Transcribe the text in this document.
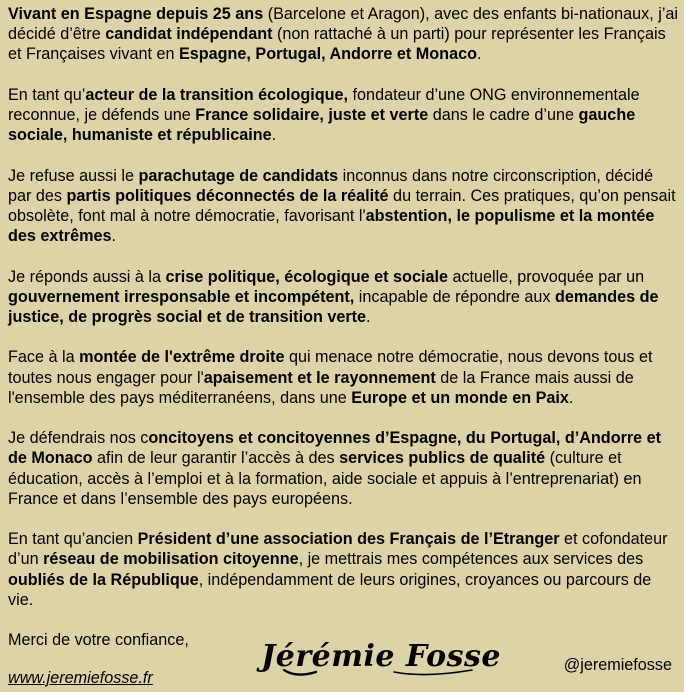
Vivant en Espagne depuis 25 ans (Barcelone et Aragon), avec des enfants bi-nationaux, j’ai décidé d’être candidat indépendant (non rattaché à un parti) pour représenter les Français et Françaises vivant en Espagne, Portugal, Andorre et Monaco.

En tant qu’acteur de la transition écologique, fondateur d’une ONG environnementale reconnue, je défends une France solidaire, juste et verte dans le cadre d’une gauche sociale, humaniste et républicaine.

Je refuse aussi le parachutage de candidats inconnus dans notre circonscription, décidé par des partis politiques déconnectés de la réalité du terrain. Ces pratiques, qu’on pensait obsolète, font mal à notre démocratie, favorisant l'abstention, le populisme et la montée des extrêmes.

Je réponds aussi à la crise politique, écologique et sociale actuelle, provoquée par un gouvernement irresponsable et incompétent, incapable de répondre aux demandes de justice, de progrès social et de transition verte.

Face à la montée de l'extrême droite qui menace notre démocratie, nous devons tous et toutes nous engager pour l'apaisement et le rayonnement de la France mais aussi de l'ensemble des pays méditerranéens, dans une Europe et un monde en Paix.

Je défendrais nos concitoyens et concitoyennes d’Espagne, du Portugal, d’Andorre et de Monaco afin de leur garantir l’accès à des services publics de qualité (culture et éducation, accès à l’emploi et à la formation, aide sociale et appuis à l’entreprenariat) en France et dans l’ensemble des pays européens.

En tant qu’ancien Président d’une association des Français de l’Etranger et cofondateur d’un réseau de mobilisation citoyenne, je mettrais mes compétences aux services des oubliés de la République, indépendamment de leurs origines, croyances ou parcours de vie.

Merci de votre confiance,	Jérémie Fosse
www.jeremiefosse.fr
@jeremiefosse
